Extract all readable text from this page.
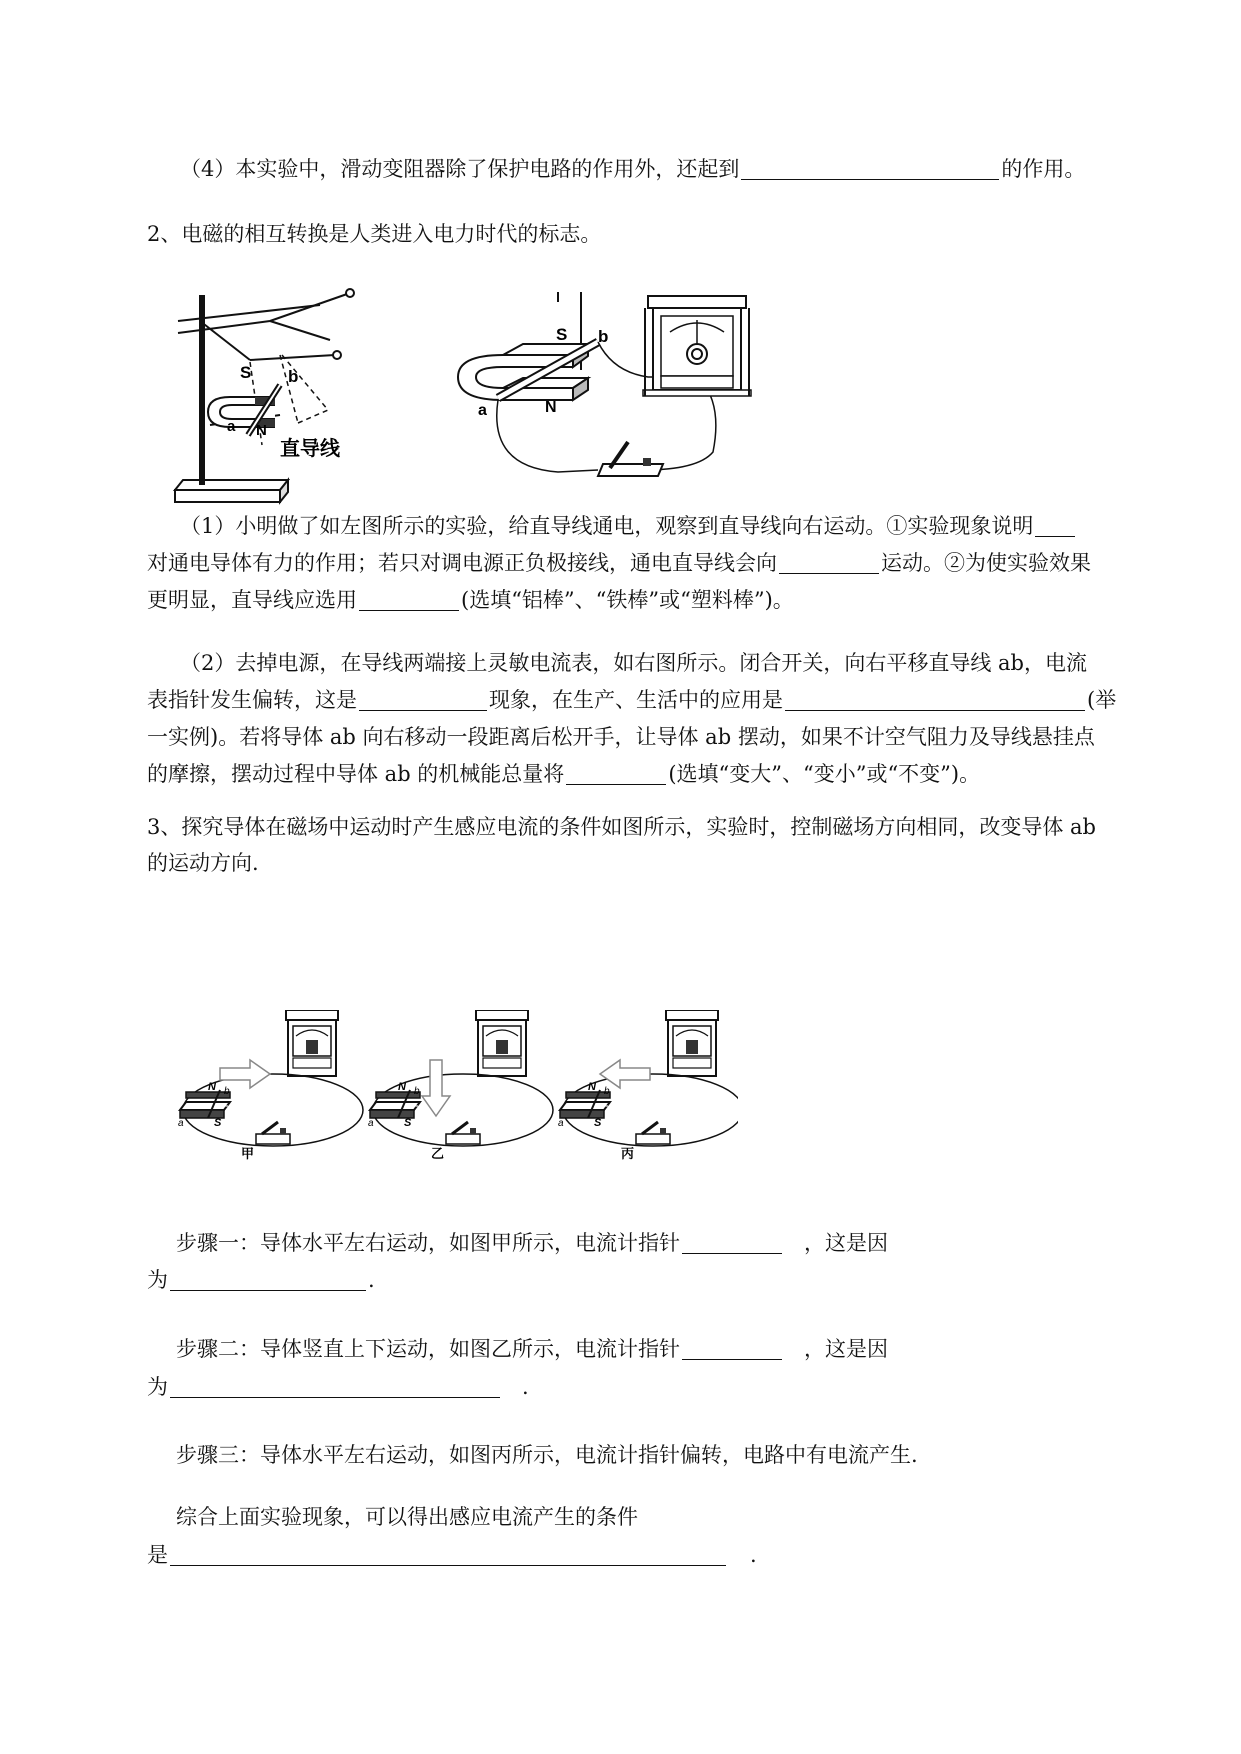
（4）本实验中，滑动变阻器除了保护电路的作用外，还起到	的作用。
2、电磁的相互转换是人类进入电力时代的标志。
S b
a N
直导线
S b
a	N
（1）小明做了如左图所示的实验，给直导线通电，观察到直导线向右运动。①实验现象说明
对通电导体有力的作用；若只对调电源正负极接线，通电直导线会向	运动。②为使实验效果
更明显，直导线应选用	(选填“铝棒”、“铁棒”或“塑料棒”)。
（2）去掉电源，在导线两端接上灵敏电流表，如右图所示。闭合开关，向右平移直导线 ab，电流
表指针发生偏转，这是	现象，在生产、生活中的应用是	(举
一实例)。若将导体 ab 向右移动一段距离后松开手，让导体 ab 摆动，如果不计空气阻力及导线悬挂点
的摩擦，摆动过程中导体 ab 的机械能总量将	(选填“变大”、“变小”或“不变”)。
3、探究导体在磁场中运动时产生感应电流的条件如图所示，实验时，控制磁场方向相同，改变导体 ab
的运动方向.
N
S
a
b
甲
N
S
a
b
乙
N
S
a
b
丙
步骤一：导体水平左右运动，如图甲所示，电流计指针	，这是因
为	.
步骤二：导体竖直上下运动，如图乙所示，电流计指针	，这是因
为	.
步骤三：导体水平左右运动，如图丙所示，电流计指针偏转，电路中有电流产生.
综合上面实验现象，可以得出感应电流产生的条件
是	.
